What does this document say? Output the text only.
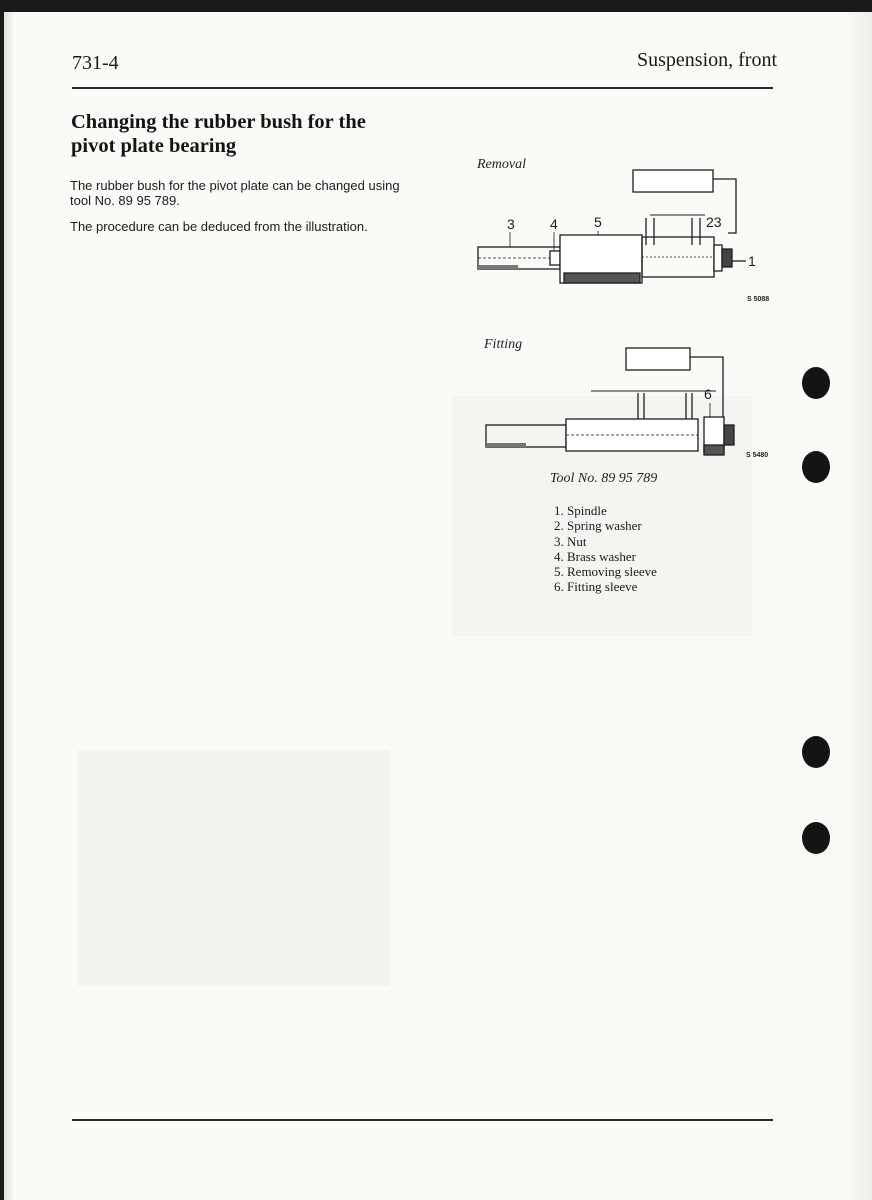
731-4	Suspension, front
Changing the rubber bush for the
pivot plate bearing
The rubber bush for the pivot plate can be changed using tool No. 89 95 789.
The procedure can be deduced from the illustration.
Removal
Fitting
3	4	5	23
1
S 5088
6
S 5480
Tool No. 89 95 789
1. Spindle
2. Spring washer
3. Nut
4. Brass washer
5. Removing sleeve
6. Fitting sleeve
